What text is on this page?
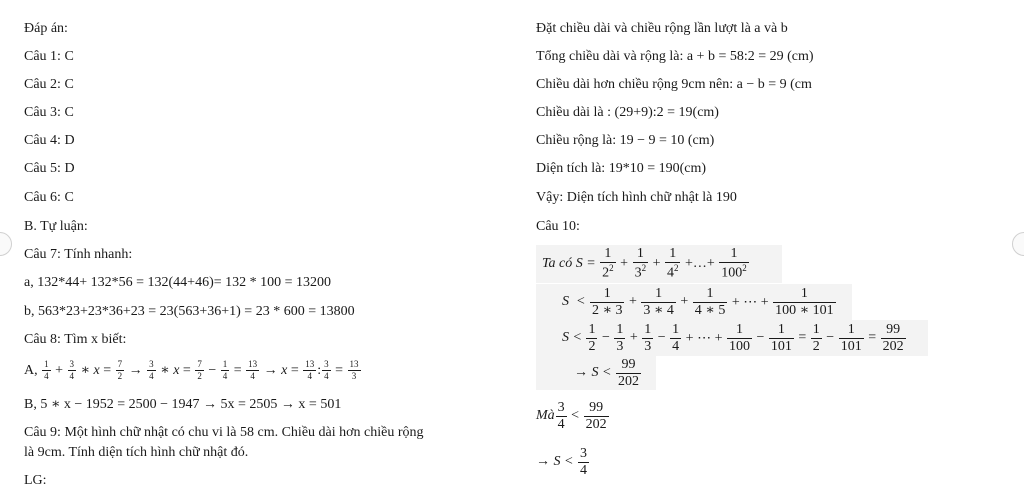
Đáp án:
Câu 1: C
Câu 2: C
Câu 3: C
Câu 4: D
Câu 5: D
Câu 6: C
B. Tự luận:
Câu 7: Tính nhanh:
a, 132*44+ 132*56 = 132(44+46)= 132 * 100 = 13200
b, 563*23+23*36+23 = 23(563+36+1) = 23 * 600 = 13800
Câu 8: Tìm x biết:
A, $\frac{1}{4} + \frac{3}{4}$ ∗ $x = \frac{7}{2} \to \frac{3}{4}$ ∗ $x = \frac{7}{2} - \frac{1}{4} = \frac{13}{4} \to x = \frac{13}{4}$ : $\frac{3}{4} = \frac{13}{3}$
B, 5 ∗ x − 1952 = 2500 − 1947 → 5x = 2505 → x = 501
Câu 9: Một hình chữ nhật có chu vi là 58 cm. Chiều dài hơn chiều rộng
là 9cm. Tính diện tích hình chữ nhật đó.
LG:
Đặt chiều dài và chiều rộng lần lượt là a và b
Tổng chiều dài và rộng là: a + b = 58:2 = 29 (cm)
Chiều dài hơn chiều rộng 9cm nên: a − b = 9 (cm
Chiều dài là : (29+9):2 = 19(cm)
Chiều rộng là: 19 − 9 = 10 (cm)
Diện tích là: 19*10 = 190(cm)
Vậy: Diện tích hình chữ nhật là 190
Câu 10:
Ta có $S = \frac{1}{2^2} + \frac{1}{3^2} + \frac{1}{4^2}$ +…+ $\frac{1}{100^2}$
$S < \frac{1}{2 ∗ 3} + \frac{1}{3 ∗ 4} + \frac{1}{4 ∗ 5}$ + ⋯ + $\frac{1}{100 ∗ 101}$
$S < \frac{1}{2} - \frac{1}{3} + \frac{1}{3} - \frac{1}{4}$ + ⋯ + $\frac{1}{100} - \frac{1}{101} = \frac{1}{2} - \frac{1}{101} = \frac{99}{202}$
→ $S < \frac{99}{202}$
Mà $\frac{3}{4} < \frac{99}{202}$
→ $S < \frac{3}{4}$
